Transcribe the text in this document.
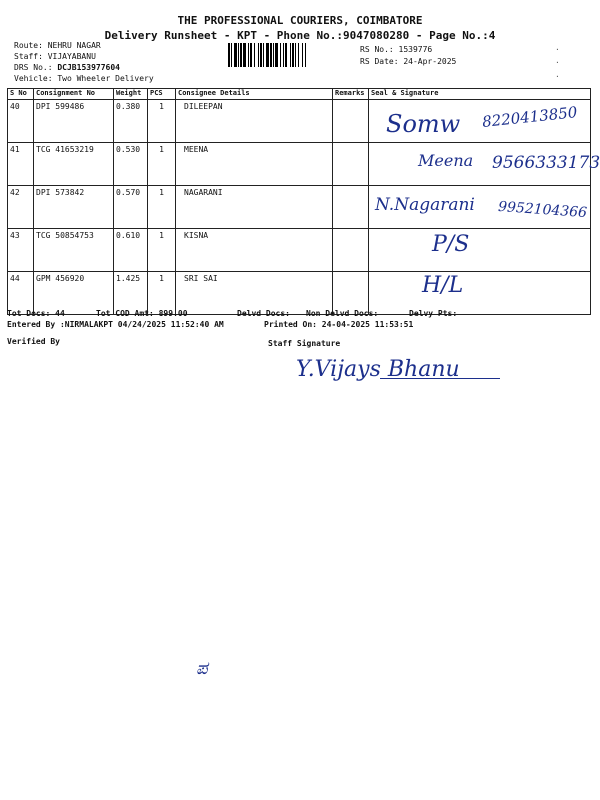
THE PROFESSIONAL COURIERS, COIMBATORE
Delivery Runsheet - KPT - Phone No.:9047080280 - Page No.:4
Route: NEHRU NAGAR
Staff: VIJAYABANU
DRS No.: DCJB153977604
Vehicle: Two Wheeler Delivery
RS No.: 1539776
RS Date: 24-Apr-2025
·
·
·
S No	Consignment No	Weight	PCS	Consignee Details	Remarks	Seal & Signature
40	DPI 599486	0.380	1	DILEEPAN		
41	TCG 41653219	0.530	1	MEENA		
42	DPI 573842	0.570	1	NAGARANI		
43	TCG 50854753	0.610	1	KISNA		
44	GPM 456920	1.425	1	SRI SAI		
Somw 8220413850
Meena 9566333173
N.Nagarani 9952104366
P/S
H/L
Tot Docs: 44	Tot COD Amt: 899.00	Delvd Docs: Non Delvd Docs:	Delvy Pts:
Entered By :NIRMALAKPT 04/24/2025 11:52:40 AM	Printed On: 24-04-2025 11:53:51
Verified By	Staff Signature
Y.Vijays Bhanu
ಪ
